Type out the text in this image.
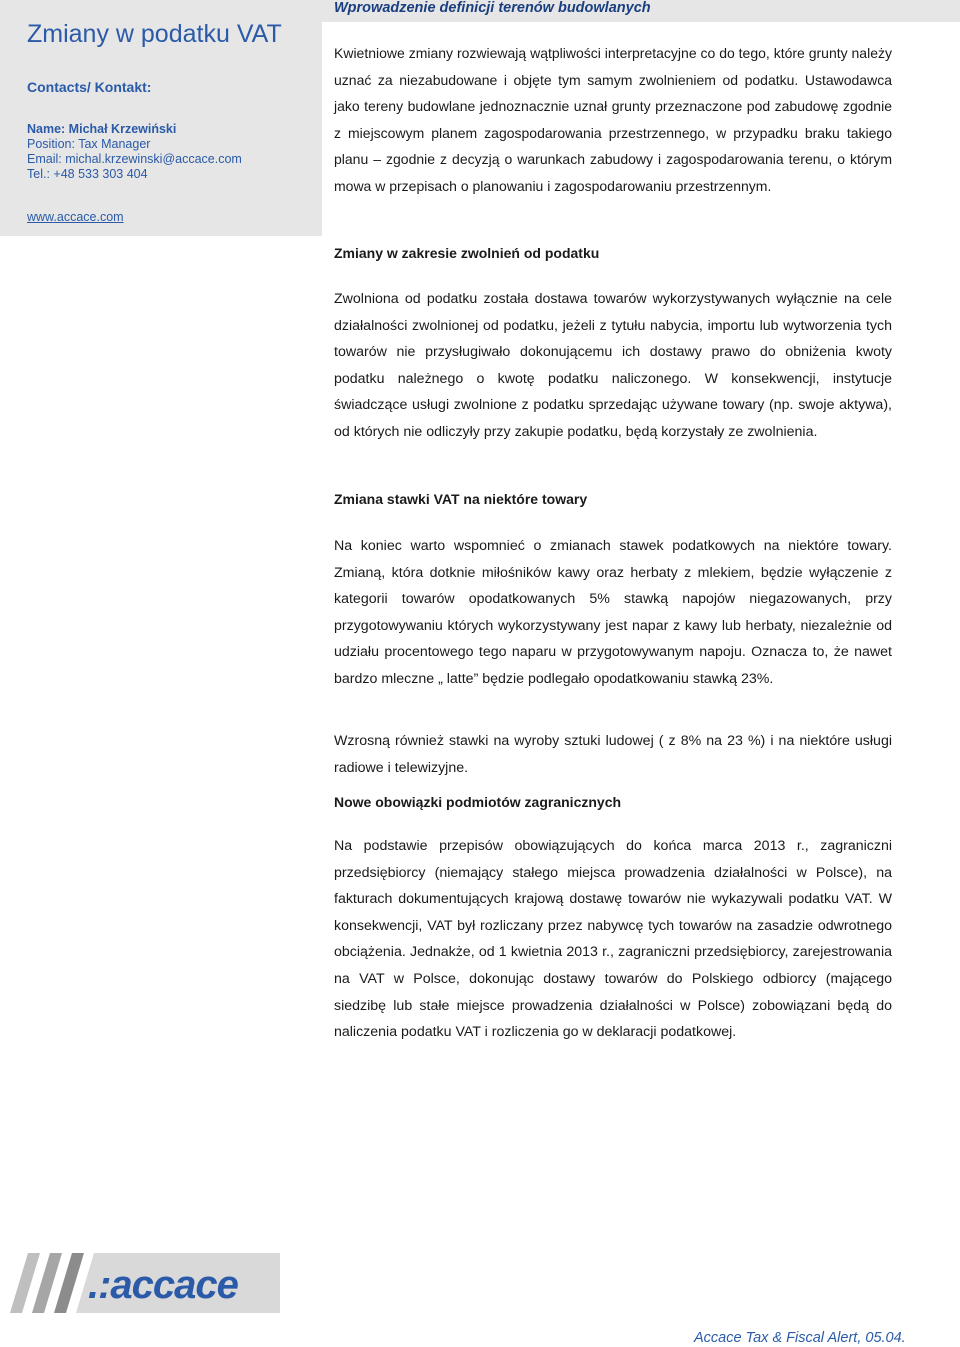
Zmiany w podatku VAT
Contacts/ Kontakt:
Name: Michał Krzewiński
Position: Tax Manager
Email: michal.krzewinski@accace.com
Tel.: +48 533 303 404
www.accace.com
Wprowadzenie definicji terenów budowlanych
Kwietniowe zmiany rozwiewają wątpliwości interpretacyjne co do tego, które grunty należy uznać za niezabudowane i objęte tym samym zwolnieniem od podatku. Ustawodawca jako tereny budowlane jednoznacznie uznał grunty przeznaczone pod zabudowę zgodnie z miejscowym planem zagospodarowania przestrzennego, w przypadku braku takiego planu – zgodnie z decyzją o warunkach zabudowy i zagospodarowania terenu, o którym mowa w przepisach o planowaniu i zagospodarowaniu przestrzennym.
Zmiany w zakresie zwolnień od podatku
Zwolniona od podatku została dostawa towarów wykorzystywanych wyłącznie na cele działalności zwolnionej od podatku, jeżeli z tytułu nabycia, importu lub wytworzenia tych towarów nie przysługiwało dokonującemu ich dostawy prawo do obniżenia kwoty podatku należnego o kwotę podatku naliczonego. W konsekwencji, instytucje świadczące usługi zwolnione z podatku sprzedając używane towary (np. swoje aktywa), od których nie odliczyły przy zakupie podatku, będą korzystały ze zwolnienia.
Zmiana stawki VAT na niektóre towary
Na koniec warto wspomnieć o zmianach stawek podatkowych na niektóre towary. Zmianą, która dotknie miłośników kawy oraz herbaty z mlekiem, będzie wyłączenie z kategorii towarów opodatkowanych 5% stawką napojów niegazowanych, przy przygotowywaniu których wykorzystywany jest napar z kawy lub herbaty, niezależnie od udziału procentowego tego naparu w przygotowywanym napoju. Oznacza to, że nawet bardzo mleczne „ latte” będzie podlegało opodatkowaniu stawką 23%.
Wzrosną również stawki na wyroby sztuki ludowej ( z 8% na 23 %) i na niektóre usługi radiowe i telewizyjne.
Nowe obowiązki podmiotów zagranicznych
Na podstawie przepisów obowiązujących do końca marca 2013 r., zagraniczni przedsiębiorcy (niemający stałego miejsca prowadzenia działalności w Polsce), na fakturach dokumentujących krajową dostawę towarów nie wykazywali podatku VAT. W konsekwencji, VAT był rozliczany przez nabywcę tych towarów na zasadzie odwrotnego obciążenia. Jednakże, od 1 kwietnia 2013 r., zagraniczni przedsiębiorcy, zarejestrowania na VAT w Polsce, dokonując dostawy towarów do Polskiego odbiorcy (mającego siedzibę lub stałe miejsce prowadzenia działalności w Polsce) zobowiązani będą do naliczenia podatku VAT i rozliczenia go w deklaracji podatkowej.
.:accace
Accace Tax & Fiscal Alert, 05.04.
